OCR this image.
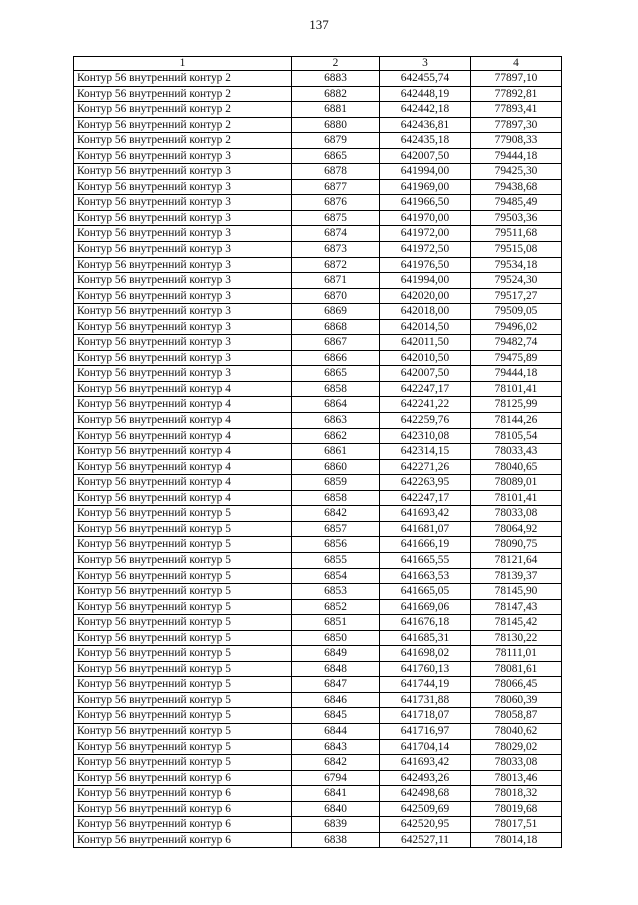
137
1	2	3	4
Контур 56 внутренний контур 2	6883	642455,74	77897,10
Контур 56 внутренний контур 2	6882	642448,19	77892,81
Контур 56 внутренний контур 2	6881	642442,18	77893,41
Контур 56 внутренний контур 2	6880	642436,81	77897,30
Контур 56 внутренний контур 2	6879	642435,18	77908,33
Контур 56 внутренний контур 3	6865	642007,50	79444,18
Контур 56 внутренний контур 3	6878	641994,00	79425,30
Контур 56 внутренний контур 3	6877	641969,00	79438,68
Контур 56 внутренний контур 3	6876	641966,50	79485,49
Контур 56 внутренний контур 3	6875	641970,00	79503,36
Контур 56 внутренний контур 3	6874	641972,00	79511,68
Контур 56 внутренний контур 3	6873	641972,50	79515,08
Контур 56 внутренний контур 3	6872	641976,50	79534,18
Контур 56 внутренний контур 3	6871	641994,00	79524,30
Контур 56 внутренний контур 3	6870	642020,00	79517,27
Контур 56 внутренний контур 3	6869	642018,00	79509,05
Контур 56 внутренний контур 3	6868	642014,50	79496,02
Контур 56 внутренний контур 3	6867	642011,50	79482,74
Контур 56 внутренний контур 3	6866	642010,50	79475,89
Контур 56 внутренний контур 3	6865	642007,50	79444,18
Контур 56 внутренний контур 4	6858	642247,17	78101,41
Контур 56 внутренний контур 4	6864	642241,22	78125,99
Контур 56 внутренний контур 4	6863	642259,76	78144,26
Контур 56 внутренний контур 4	6862	642310,08	78105,54
Контур 56 внутренний контур 4	6861	642314,15	78033,43
Контур 56 внутренний контур 4	6860	642271,26	78040,65
Контур 56 внутренний контур 4	6859	642263,95	78089,01
Контур 56 внутренний контур 4	6858	642247,17	78101,41
Контур 56 внутренний контур 5	6842	641693,42	78033,08
Контур 56 внутренний контур 5	6857	641681,07	78064,92
Контур 56 внутренний контур 5	6856	641666,19	78090,75
Контур 56 внутренний контур 5	6855	641665,55	78121,64
Контур 56 внутренний контур 5	6854	641663,53	78139,37
Контур 56 внутренний контур 5	6853	641665,05	78145,90
Контур 56 внутренний контур 5	6852	641669,06	78147,43
Контур 56 внутренний контур 5	6851	641676,18	78145,42
Контур 56 внутренний контур 5	6850	641685,31	78130,22
Контур 56 внутренний контур 5	6849	641698,02	78111,01
Контур 56 внутренний контур 5	6848	641760,13	78081,61
Контур 56 внутренний контур 5	6847	641744,19	78066,45
Контур 56 внутренний контур 5	6846	641731,88	78060,39
Контур 56 внутренний контур 5	6845	641718,07	78058,87
Контур 56 внутренний контур 5	6844	641716,97	78040,62
Контур 56 внутренний контур 5	6843	641704,14	78029,02
Контур 56 внутренний контур 5	6842	641693,42	78033,08
Контур 56 внутренний контур 6	6794	642493,26	78013,46
Контур 56 внутренний контур 6	6841	642498,68	78018,32
Контур 56 внутренний контур 6	6840	642509,69	78019,68
Контур 56 внутренний контур 6	6839	642520,95	78017,51
Контур 56 внутренний контур 6	6838	642527,11	78014,18
